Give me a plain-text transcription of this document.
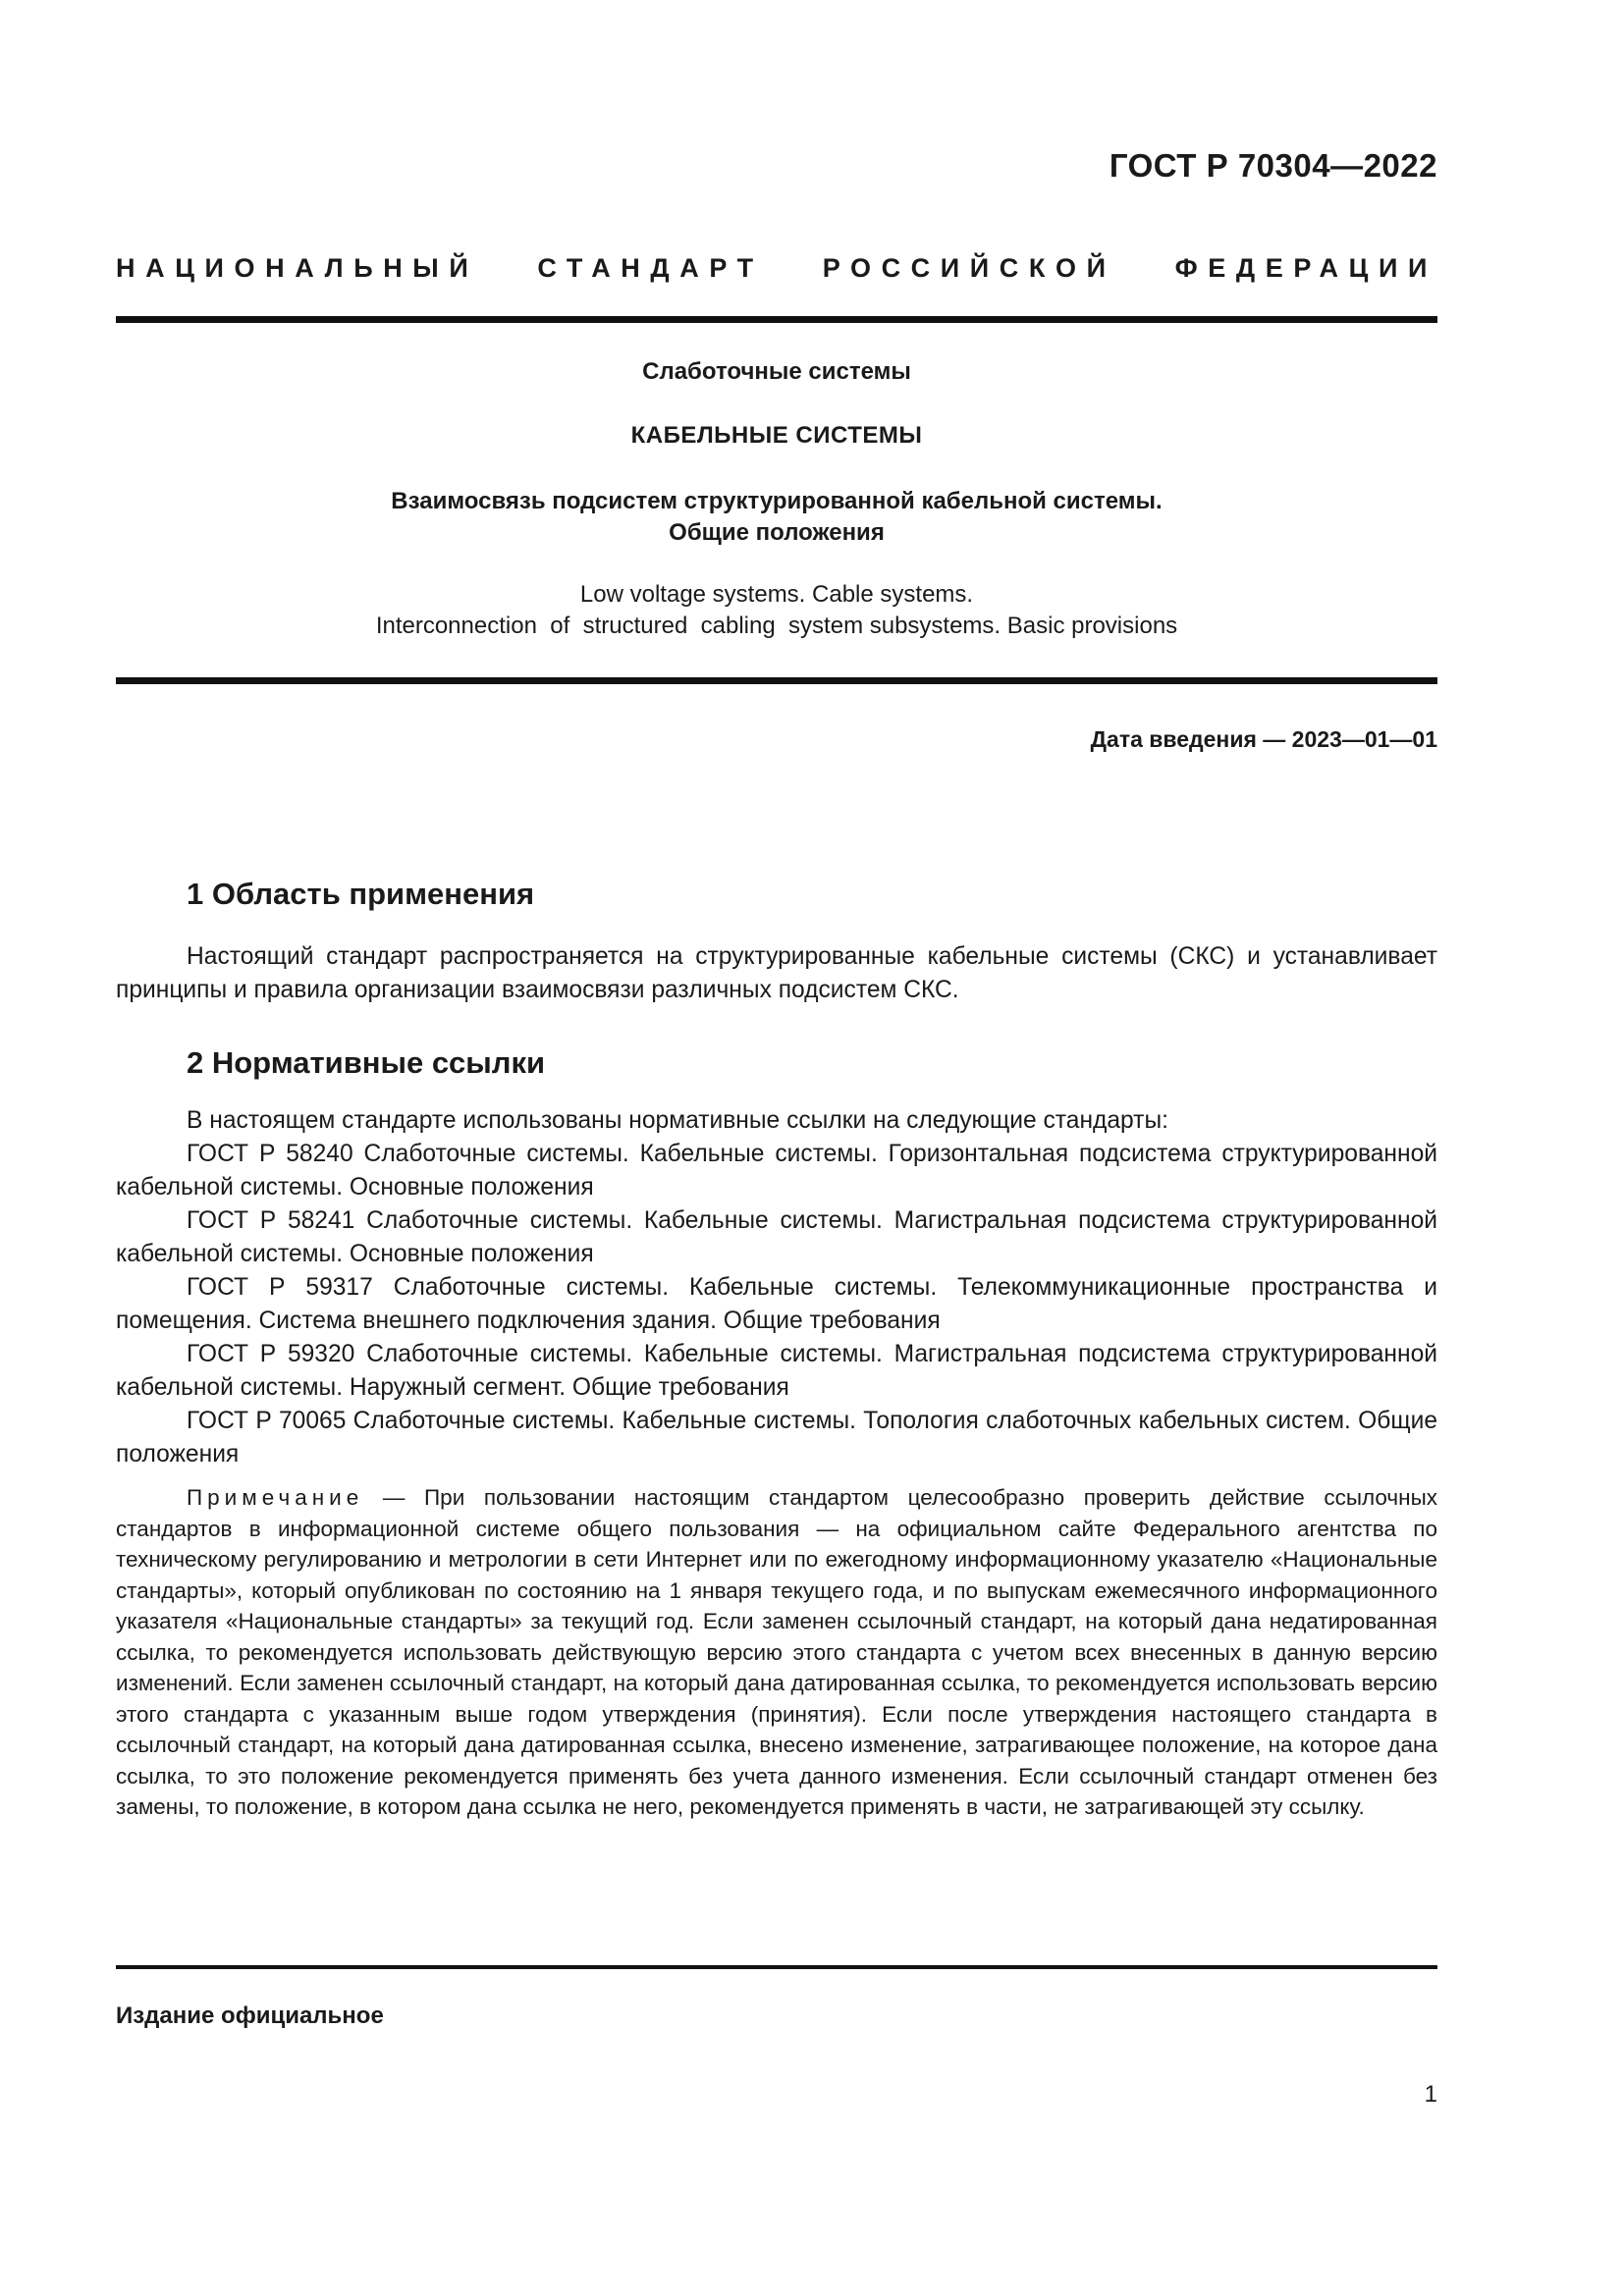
ГОСТ Р 70304—2022
НАЦИОНАЛЬНЫЙ СТАНДАРТ РОССИЙСКОЙ ФЕДЕРАЦИИ
Слаботочные системы
КАБЕЛЬНЫЕ СИСТЕМЫ
Взаимосвязь подсистем структурированной кабельной системы.
Общие положения
Low voltage systems. Cable systems.
Interconnection  of  structured  cabling  system subsystems. Basic provisions
Дата введения — 2023—01—01
1 Область применения

Настоящий стандарт распространяется на структурированные кабельные системы (СКС) и устанавливает принципы и правила организации взаимосвязи различных подсистем СКС.

2 Нормативные ссылки

В настоящем стандарте использованы нормативные ссылки на следующие стандарты:

ГОСТ Р 58240 Слаботочные системы. Кабельные системы. Горизонтальная подсистема структурированной кабельной системы. Основные положения

ГОСТ Р 58241 Слаботочные системы. Кабельные системы. Магистральная подсистема структурированной кабельной системы. Основные положения

ГОСТ Р 59317 Слаботочные системы. Кабельные системы. Телекоммуникационные пространства и помещения. Система внешнего подключения здания. Общие требования

ГОСТ Р 59320 Слаботочные системы. Кабельные системы. Магистральная подсистема структурированной кабельной системы. Наружный сегмент. Общие требования

ГОСТ Р 70065 Слаботочные системы. Кабельные системы. Топология слаботочных кабельных систем. Общие положения

Примечание — При пользовании настоящим стандартом целесообразно проверить действие ссылочных стандартов в информационной системе общего пользования — на официальном сайте Федерального агентства по техническому регулированию и метрологии в сети Интернет или по ежегодному информационному указателю «Национальные стандарты», который опубликован по состоянию на 1 января текущего года, и по выпускам ежемесячного информационного указателя «Национальные стандарты» за текущий год. Если заменен ссылочный стандарт, на который дана недатированная ссылка, то рекомендуется использовать действующую версию этого стандарта с учетом всех внесенных в данную версию изменений. Если заменен ссылочный стандарт, на который дана датированная ссылка, то рекомендуется использовать версию этого стандарта с указанным выше годом утверждения (принятия). Если после утверждения настоящего стандарта в ссылочный стандарт, на который дана датированная ссылка, внесено изменение, затрагивающее положение, на которое дана ссылка, то это положение рекомендуется применять без учета данного изменения. Если ссылочный стандарт отменен без замены, то положение, в котором дана ссылка не него, рекомендуется применять в части, не затрагивающей эту ссылку.

Издание официальное
1
